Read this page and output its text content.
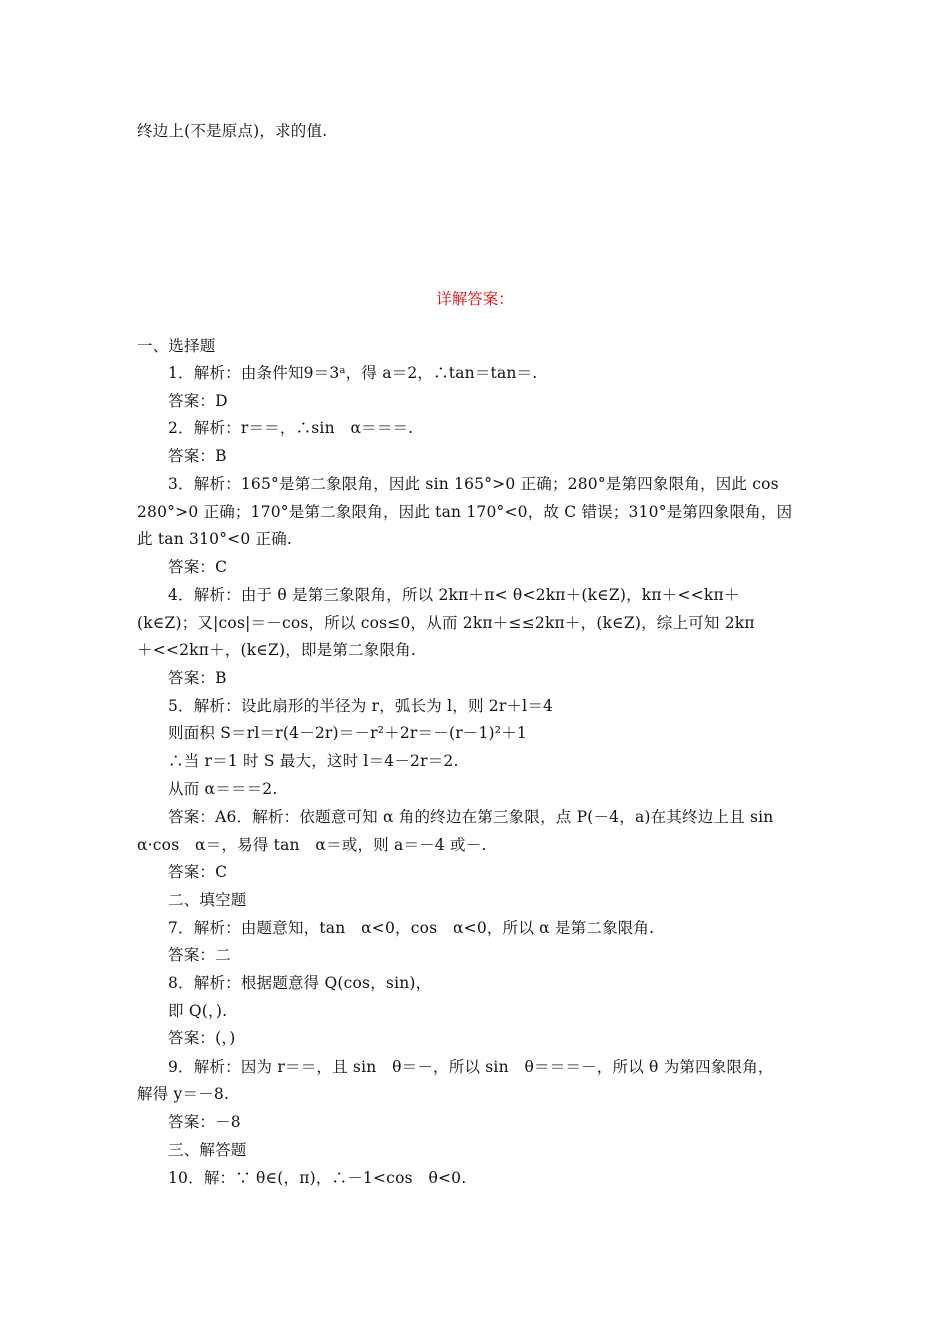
终边上(不是原点)，求的值.
详解答案：
一、选择题
1．解析：由条件知9＝3ᵃ，得 a＝2，∴tan＝tan＝.
答案：D
2．解析：r＝＝，∴sin　α＝＝＝.
答案：B
3．解析：165°是第二象限角，因此 sin 165°>0 正确；280°是第四象限角，因此 cos
280°>0 正确；170°是第二象限角，因此 tan 170°<0，故 C 错误；310°是第四象限角，因
此 tan 310°<0 正确.
答案：C
4．解析：由于 θ 是第三象限角，所以 2kπ＋π< θ<2kπ＋(k∈Z)，kπ＋<<kπ＋
(k∈Z)；又|cos|＝－cos，所以 cos≤0，从而 2kπ＋≤≤2kπ＋，(k∈Z)，综上可知 2kπ
＋<<2kπ＋，(k∈Z)，即是第二象限角.
答案：B
5．解析：设此扇形的半径为 r，弧长为 l，则 2r＋l＝4
则面积 S＝rl＝r(4－2r)＝－r²＋2r＝－(r－1)²＋1
∴当 r＝1 时 S 最大，这时 l＝4－2r＝2.
从而 α＝＝＝2.
答案：A6．解析：依题意可知 α 角的终边在第三象限，点 P(－4，a)在其终边上且 sin
α·cos　α＝，易得 tan　α＝或，则 a＝－4 或－.
答案：C
二、填空题
7．解析：由题意知，tan　α<0，cos　α<0，所以 α 是第二象限角.
答案：二
8．解析：根据题意得 Q(cos，sin)，
即 Q(，).
答案：(，)
9．解析：因为 r＝＝，且 sin　θ＝－，所以 sin　θ＝＝＝－，所以 θ 为第四象限角，
解得 y＝－8.
答案：－8
三、解答题
10．解：∵ θ∈(，π)，∴－1<cos　θ<0.
